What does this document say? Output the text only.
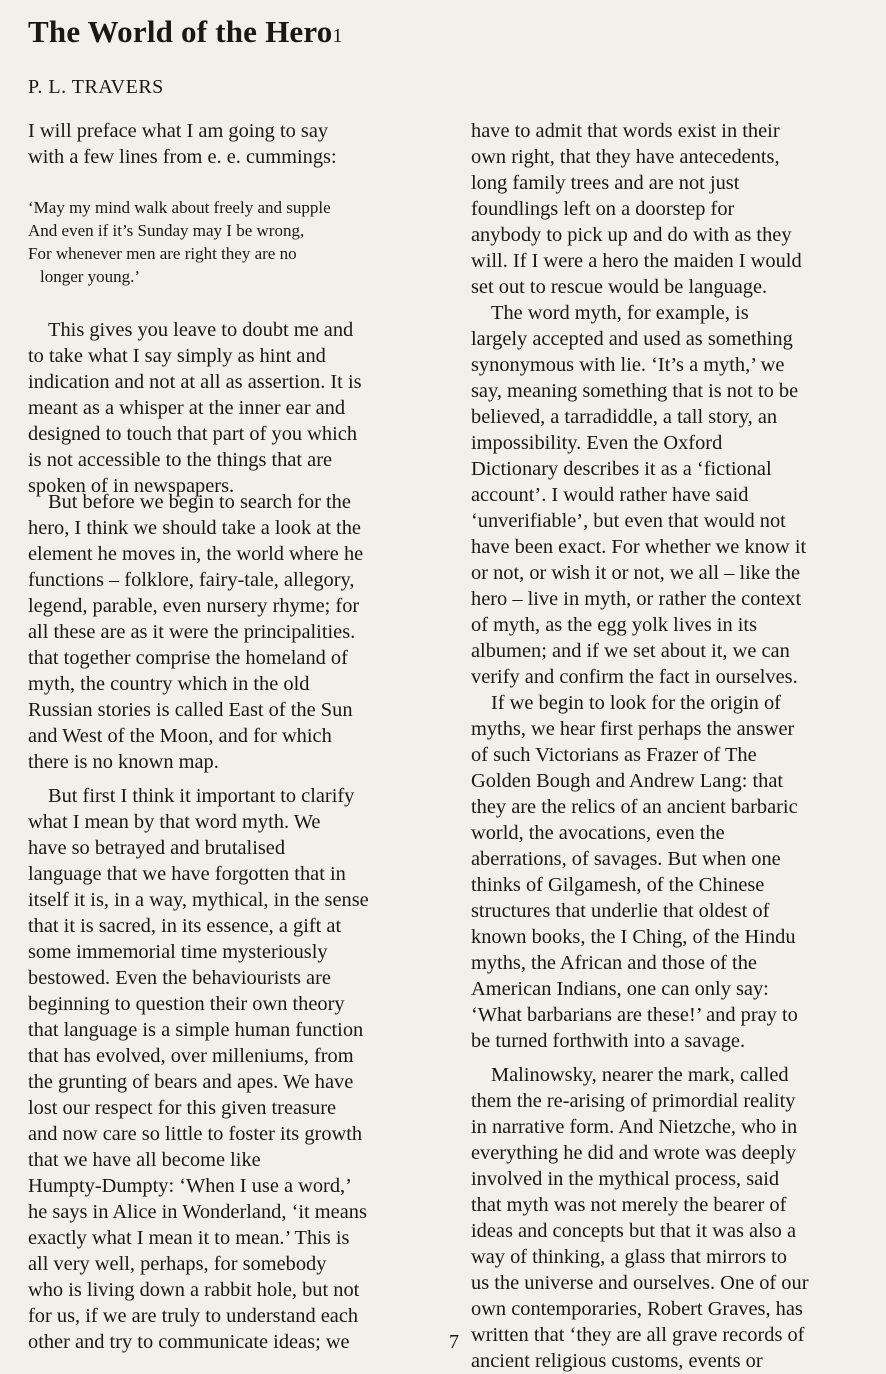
The World of the Hero1
P. L. TRAVERS
I will preface what I am going to say
with a few lines from e. e. cummings:
‘May my mind walk about freely and supple
And even if it’s Sunday may I be wrong,
For whenever men are right they are no
longer young.’
This gives you leave to doubt me and
to take what I say simply as hint and
indication and not at all as assertion. It is
meant as a whisper at the inner ear and
designed to touch that part of you which
is not accessible to the things that are
spoken of in newspapers.
But before we begin to search for the
hero, I think we should take a look at the
element he moves in, the world where he
functions – folklore, fairy-tale, allegory,
legend, parable, even nursery rhyme; for
all these are as it were the principalities.
that together comprise the homeland of
myth, the country which in the old
Russian stories is called East of the Sun
and West of the Moon, and for which
there is no known map.
But first I think it important to clarify
what I mean by that word myth. We
have so betrayed and brutalised
language that we have forgotten that in
itself it is, in a way, mythical, in the sense
that it is sacred, in its essence, a gift at
some immemorial time mysteriously
bestowed. Even the behaviourists are
beginning to question their own theory
that language is a simple human function
that has evolved, over milleniums, from
the grunting of bears and apes. We have
lost our respect for this given treasure
and now care so little to foster its growth
that we have all become like
Humpty-Dumpty: ‘When I use a word,’
he says in Alice in Wonderland, ‘it means
exactly what I mean it to mean.’ This is
all very well, perhaps, for somebody
who is living down a rabbit hole, but not
for us, if we are truly to understand each
other and try to communicate ideas; we
have to admit that words exist in their
own right, that they have antecedents,
long family trees and are not just
foundlings left on a doorstep for
anybody to pick up and do with as they
will. If I were a hero the maiden I would
set out to rescue would be language.
The word myth, for example, is
largely accepted and used as something
synonymous with lie. ‘It’s a myth,’ we
say, meaning something that is not to be
believed, a tarradiddle, a tall story, an
impossibility. Even the Oxford
Dictionary describes it as a ‘fictional
account’. I would rather have said
‘unverifiable’, but even that would not
have been exact. For whether we know it
or not, or wish it or not, we all – like the
hero – live in myth, or rather the context
of myth, as the egg yolk lives in its
albumen; and if we set about it, we can
verify and confirm the fact in ourselves.
If we begin to look for the origin of
myths, we hear first perhaps the answer
of such Victorians as Frazer of The
Golden Bough and Andrew Lang: that
they are the relics of an ancient barbaric
world, the avocations, even the
aberrations, of savages. But when one
thinks of Gilgamesh, of the Chinese
structures that underlie that oldest of
known books, the I Ching, of the Hindu
myths, the African and those of the
American Indians, one can only say:
‘What barbarians are these!’ and pray to
be turned forthwith into a savage.
Malinowsky, nearer the mark, called
them the re-arising of primordial reality
in narrative form. And Nietzche, who in
everything he did and wrote was deeply
involved in the mythical process, said
that myth was not merely the bearer of
ideas and concepts but that it was also a
way of thinking, a glass that mirrors to
us the universe and ourselves. One of our
own contemporaries, Robert Graves, has
written that ‘they are all grave records of
ancient religious customs, events or
7
